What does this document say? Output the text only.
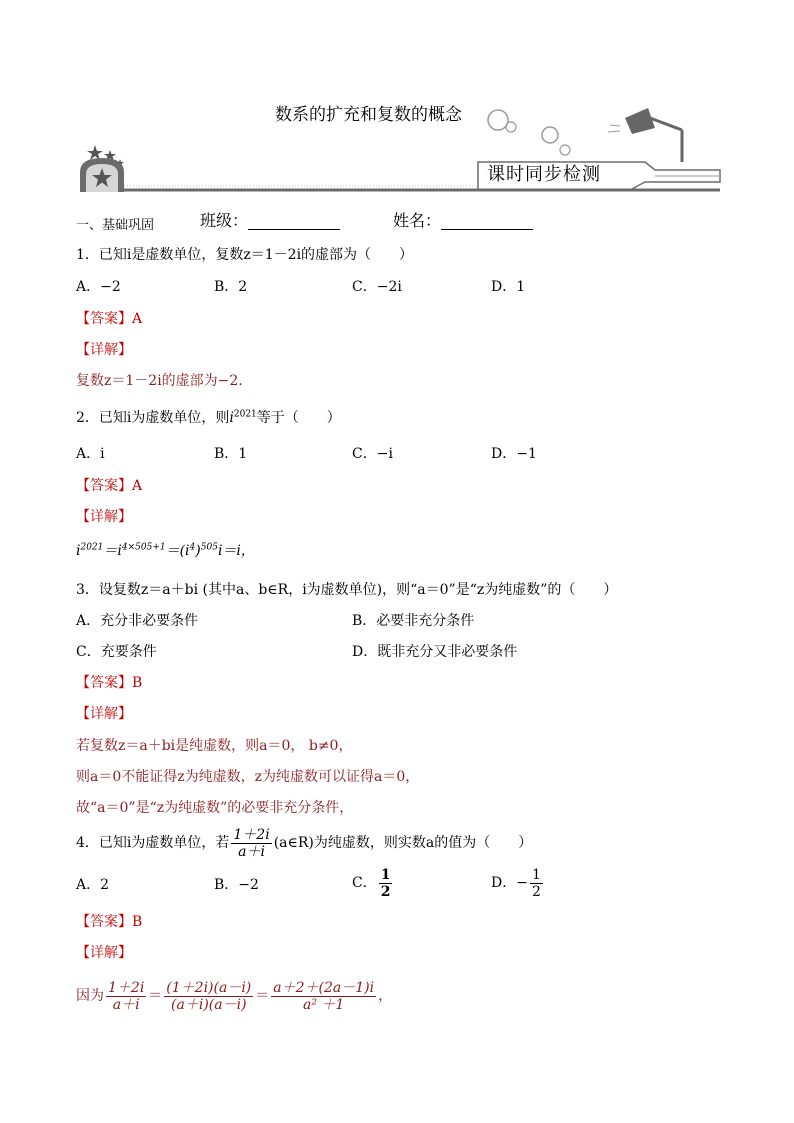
数系的扩充和复数的概念
课时同步检测
一、基础巩固	班级：	姓名：
1．已知i是虚数单位，复数z＝1－2i的虚部为（　　）
A．−2	B．2	C．−2i	D．1
【答案】A
【详解】
复数z＝1－2i的虚部为−2.
2．已知i为虚数单位，则$i^{2021}$等于（　　）
A．i	B．1	C．−i	D．−1
【答案】A
【详解】
$i^{2021}=i^{4\times 505+1}=(i^4)^{505}i=i$，
3．设复数z＝a＋bi (其中a、b∈R，i为虚数单位)，则“a＝0”是“z为纯虚数”的（　　）
A．充分非必要条件	B．必要非充分条件
C．充要条件	D．既非充分又非必要条件
【答案】B
【详解】
若复数z＝a＋bi是纯虚数，则a＝0， b≠0，
则a＝0不能证得z为纯虚数，z为纯虚数可以证得a＝0，
故“a＝0”是“z为纯虚数”的必要非充分条件，
4．已知i为虚数单位，若 $\frac{1+2i}{a+i}$ (a∈R)为纯虚数，则实数a的值为（　　）
A．2	B．−2	C． $\frac{1}{2}$	D．− $\frac{1}{2}$
【答案】B
【详解】
因为 $\frac{1+2i}{a+i} = \frac{(1+2i)(a-i)}{(a+i)(a-i)} = \frac{a+2+(2a-1)i}{\text{a² ＋1}}$ ，
